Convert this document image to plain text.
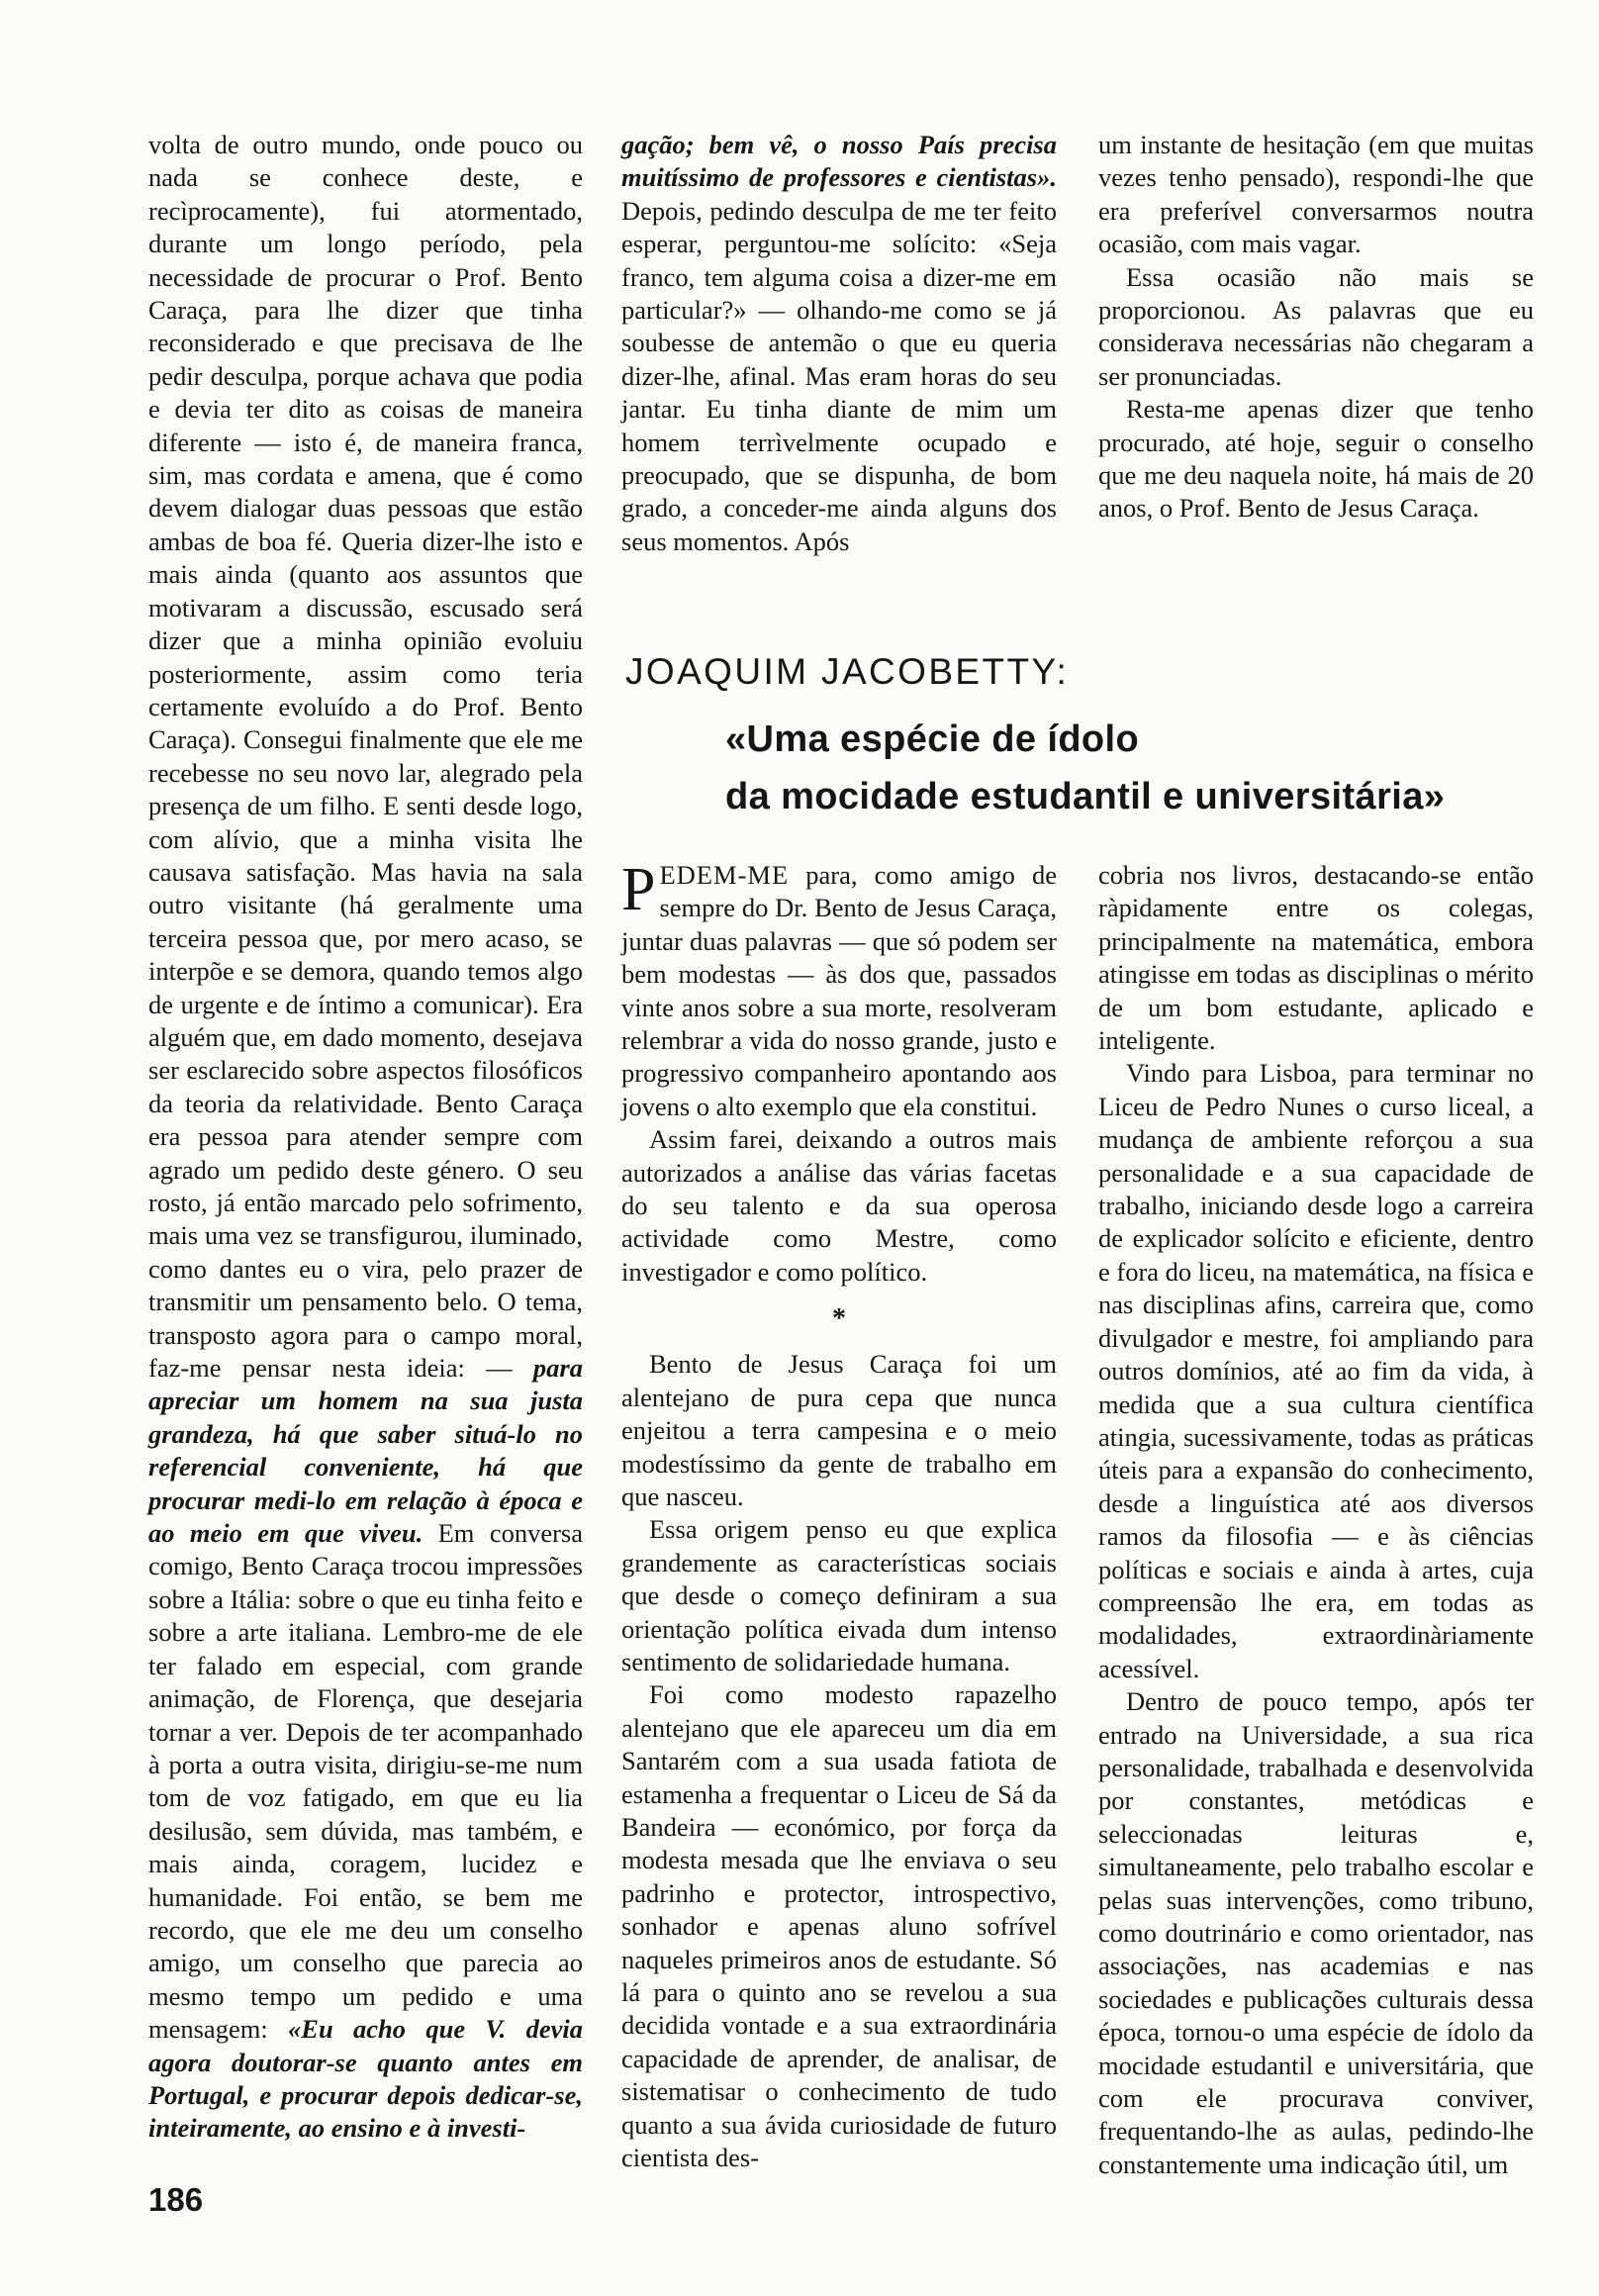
volta de outro mundo, onde pouco ou nada se conhece deste, e recìprocamente), fui atormentado, durante um longo período, pela necessidade de procurar o Prof. Bento Caraça, para lhe dizer que tinha reconsiderado e que precisava de lhe pedir desculpa, porque achava que podia e devia ter dito as coisas de maneira diferente — isto é, de maneira franca, sim, mas cordata e amena, que é como devem dialogar duas pessoas que estão ambas de boa fé. Queria dizer-lhe isto e mais ainda (quanto aos assuntos que motivaram a discussão, escusado será dizer que a minha opinião evoluiu posteriormente, assim como teria certamente evoluído a do Prof. Bento Caraça). Consegui finalmente que ele me recebesse no seu novo lar, alegrado pela presença de um filho. E senti desde logo, com alívio, que a minha visita lhe causava satisfação. Mas havia na sala outro visitante (há geralmente uma terceira pessoa que, por mero acaso, se interpõe e se demora, quando temos algo de urgente e de íntimo a comunicar). Era alguém que, em dado momento, desejava ser esclarecido sobre aspectos filosóficos da teoria da relatividade. Bento Caraça era pessoa para atender sempre com agrado um pedido deste género. O seu rosto, já então marcado pelo sofrimento, mais uma vez se transfigurou, iluminado, como dantes eu o vira, pelo prazer de transmitir um pensamento belo. O tema, transposto agora para o campo moral, faz-me pensar nesta ideia: — para apreciar um homem na sua justa grandeza, há que saber situá-lo no referencial conveniente, há que procurar medi-lo em relação à época e ao meio em que viveu. Em conversa comigo, Bento Caraça trocou impressões sobre a Itália: sobre o que eu tinha feito e sobre a arte italiana. Lembro-me de ele ter falado em especial, com grande animação, de Florença, que desejaria tornar a ver. Depois de ter acompanhado à porta a outra visita, dirigiu-se-me num tom de voz fatigado, em que eu lia desilusão, sem dúvida, mas também, e mais ainda, coragem, lucidez e humanidade. Foi então, se bem me recordo, que ele me deu um conselho amigo, um conselho que parecia ao mesmo tempo um pedido e uma mensagem: «Eu acho que V. devia agora doutorar-se quanto antes em Portugal, e procurar depois dedicar-se, inteiramente, ao ensino e à investi-

gação; bem vê, o nosso País precisa muitíssimo de professores e cientistas». Depois, pedindo desculpa de me ter feito esperar, perguntou-me solícito: «Seja franco, tem alguma coisa a dizer-me em particular?» — olhando-me como se já soubesse de antemão o que eu queria dizer-lhe, afinal. Mas eram horas do seu jantar. Eu tinha diante de mim um homem terrìvelmente ocupado e preocupado, que se dispunha, de bom grado, a conceder-me ainda alguns dos seus momentos. Após

um instante de hesitação (em que muitas vezes tenho pensado), respondi-lhe que era preferível conversarmos noutra ocasião, com mais vagar.

Essa ocasião não mais se proporcionou. As palavras que eu considerava necessárias não chegaram a ser pronunciadas.

Resta-me apenas dizer que tenho procurado, até hoje, seguir o conselho que me deu naquela noite, há mais de 20 anos, o Prof. Bento de Jesus Caraça.

JOAQUIM JACOBETTY:
«Uma espécie de ídolo
da mocidade estudantil e universitária»

PEDEM-ME para, como amigo de sempre do Dr. Bento de Jesus Caraça, juntar duas palavras — que só podem ser bem modestas — às dos que, passados vinte anos sobre a sua morte, resolveram relembrar a vida do nosso grande, justo e progressivo companheiro apontando aos jovens o alto exemplo que ela constitui.

Assim farei, deixando a outros mais autorizados a análise das várias facetas do seu talento e da sua operosa actividade como Mestre, como investigador e como político.

*

Bento de Jesus Caraça foi um alentejano de pura cepa que nunca enjeitou a terra campesina e o meio modestíssimo da gente de trabalho em que nasceu.

Essa origem penso eu que explica grandemente as características sociais que desde o começo definiram a sua orientação política eivada dum intenso sentimento de solidariedade humana.

Foi como modesto rapazelho alentejano que ele apareceu um dia em Santarém com a sua usada fatiota de estamenha a frequentar o Liceu de Sá da Bandeira — económico, por força da modesta mesada que lhe enviava o seu padrinho e protector, introspectivo, sonhador e apenas aluno sofrível naqueles primeiros anos de estudante. Só lá para o quinto ano se revelou a sua decidida vontade e a sua extraordinária capacidade de aprender, de analisar, de sistematisar o conhecimento de tudo quanto a sua ávida curiosidade de futuro cientista des-

cobria nos livros, destacando-se então ràpidamente entre os colegas, principalmente na matemática, embora atingisse em todas as disciplinas o mérito de um bom estudante, aplicado e inteligente.

Vindo para Lisboa, para terminar no Liceu de Pedro Nunes o curso liceal, a mudança de ambiente reforçou a sua personalidade e a sua capacidade de trabalho, iniciando desde logo a carreira de explicador solícito e eficiente, dentro e fora do liceu, na matemática, na física e nas disciplinas afins, carreira que, como divulgador e mestre, foi ampliando para outros domínios, até ao fim da vida, à medida que a sua cultura científica atingia, sucessivamente, todas as práticas úteis para a expansão do conhecimento, desde a linguística até aos diversos ramos da filosofia — e às ciências políticas e sociais e ainda à artes, cuja compreensão lhe era, em todas as modalidades, extraordinàriamente acessível.

Dentro de pouco tempo, após ter entrado na Universidade, a sua rica personalidade, trabalhada e desenvolvida por constantes, metódicas e seleccionadas leituras e, simultaneamente, pelo trabalho escolar e pelas suas intervenções, como tribuno, como doutrinário e como orientador, nas associações, nas academias e nas sociedades e publicações culturais dessa época, tornou-o uma espécie de ídolo da mocidade estudantil e universitária, que com ele procurava conviver, frequentando-lhe as aulas, pedindo-lhe constantemente uma indicação útil, um

186
